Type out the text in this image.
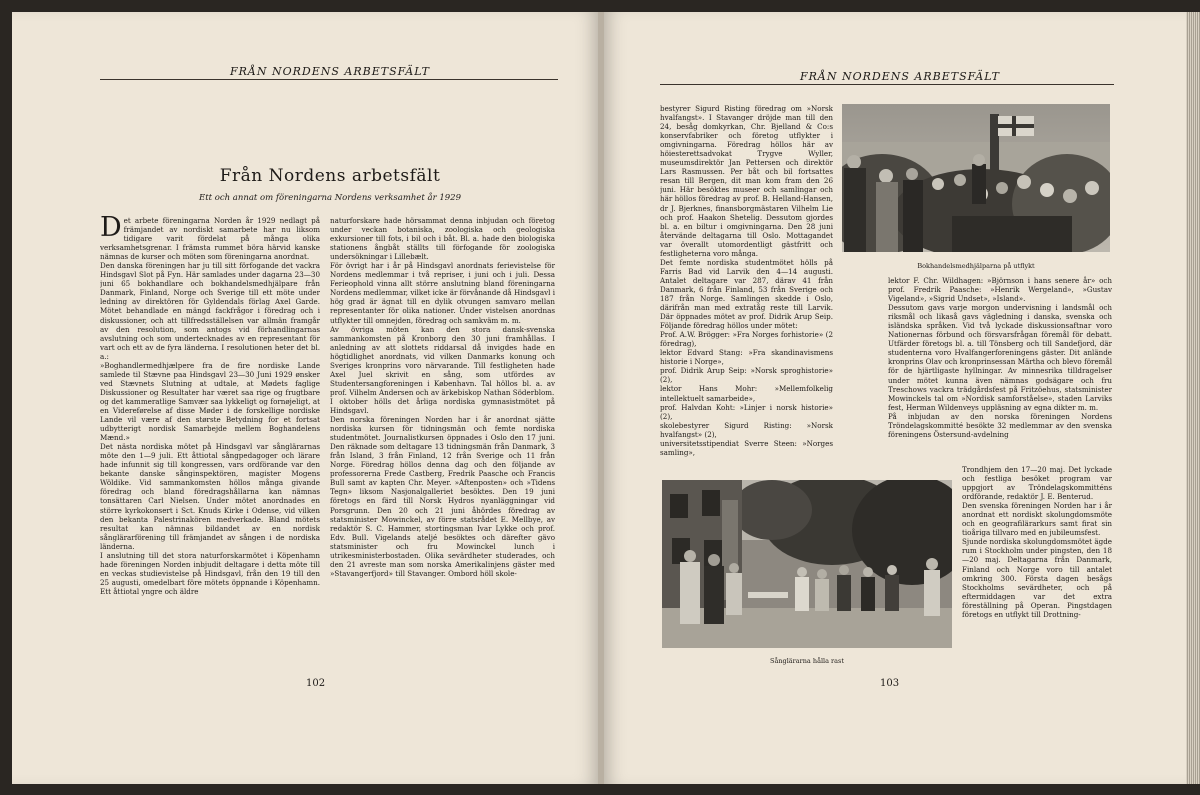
FRÅN NORDENS ARBETSFÄLT
Från Nordens arbetsfält
Ett och annat om föreningarna Nordens verksamhet år 1929
D et arbete föreningarna Norden år 1929 nedlagt på främjandet av nordiskt samarbete har nu liksom tidigare varit fördelat på många olika verksamhetsgrenar. I främsta rummet böra härvid kanske nämnas de kurser och möten som föreningarna anordnat.
Den danska föreningen har ju till sitt förfogande det vackra Hindsgavl Slot på Fyn. Här samlades under dagarna 23—30 juni 65 bokhandlare och bokhandelsmedhjälpare från Danmark, Finland, Norge och Sverige till ett möte under ledning av direktören för Gyldendals förlag Axel Garde. Mötet behandlade en mängd fackfrågor i föredrag och i diskussioner, och att tillfredsställelsen var allmän framgår av den resolution, som antogs vid förhandlingarnas avslutning och som undertecknades av en representant för vart och ett av de fyra länderna. I resolutionen heter det bl. a.:
»Boghandlermedhjælpere fra de fire nordiske Lande samlede til Stævne paa Hindsgavl 23—30 Juni 1929 ønsker ved Stævnets Slutning at udtale, at Mødets faglige Diskussioner og Resultater har været saa rige og frugtbare og det kammeratlige Samvær saa lykkeligt og fornøjeligt, at en Videreførelse af disse Møder i de forskellige nordiske Lande vil være af den største Betydning for et fortsat udbytterigt nordisk Samarbejde mellem Boghandelens Mænd.»
Det nästa nordiska mötet på Hindsgavl var sånglärarnas möte den 1—9 juli. Ett åttiotal sångpedagoger och lärare hade infunnit sig till kongressen, vars ordförande var den bekante danske sånginspektören, magister Mogens Wöldike. Vid sammankomsten höllos många givande föredrag och bland föredragshållarna kan nämnas tonsättaren Carl Nielsen. Under mötet anordnades en större kyrkokonsert i Sct. Knuds Kirke i Odense, vid vilken den bekanta Palestrinakören medverkade. Bland mötets resultat kan nämnas bildandet av en nordisk sånglärarförening till främjandet av sången i de nordiska länderna.
I anslutning till det stora naturforskarmötet i Köpenhamn hade föreningen Norden inbjudit deltagare i detta möte till en veckas studievistelse på Hindsgavl, från den 19 till den 25 augusti, omedelbart före mötets öppnande i Köpenhamn. Ett åttiotal yngre och äldre

naturforskare hade hörsammat denna inbjudan och företog under veckan botaniska, zoologiska och geologiska exkursioner till fots, i bil och i båt. Bl. a. hade den biologiska stationens ångbåt ställts till förfogande för zoologiska undersökningar i Lillebælt.
För övrigt har i år på Hindsgavl anordnats ferievistelse för Nordens medlemmar i två repriser, i juni och i juli. Dessa Ferieophold vinna allt större anslutning bland föreningarna Nordens medlemmar, vilket icke är förvånande då Hindsgavl i hög grad är ägnat till en dylik otvungen samvaro mellan representanter för olika nationer. Under vistelsen anordnas utflykter till omnejden, föredrag och samkväm m. m.
Av övriga möten kan den stora dansk-svenska sammankomsten på Kronborg den 30 juni framhållas. I anledning av att slottets riddarsal då invigdes hade en högtidlighet anordnats, vid vilken Danmarks konung och Sveriges kronprins voro närvarande. Till festligheten hade Axel Juel skrivit en sång, som utfördes av Studentersangforeningen i København. Tal höllos bl. a. av prof. Vilhelm Andersen och av ärkebiskop Nathan Söderblom.
I oktober hölls det årliga nordiska gymnasistmötet på Hindsgavl.
Den norska föreningen Norden har i år anordnat sjätte nordiska kursen för tidningsmän och femte nordiska studentmötet. Journalistkursen öppnades i Oslo den 17 juni. Den räknade som deltagare 13 tidningsmän från Danmark, 3 från Island, 3 från Finland, 12 från Sverige och 11 från Norge. Föredrag höllos denna dag och den följande av professorerna Frede Castberg, Fredrik Paasche och Francis Bull samt av kapten Chr. Meyer. »Aftenposten» och »Tidens Tegn» liksom Nasjonalgalleriet besöktes. Den 19 juni företogs en färd till Norsk Hydros nyanläggningar vid Porsgrunn. Den 20 och 21 juni åhördes föredrag av statsminister Mowinckel, av förre statsrådet E. Mellbye, av redaktör S. C. Hammer, stortingsman Ivar Lykke och prof. Edv. Bull. Vigelands ateljé besöktes och därefter gävo statsminister och fru Mowinckel lunch i utrikesministerbostaden. Olika sevärdheter studerades, och den 21 avreste man som norska Amerikalinjens gäster med »Stavangerfjord» till Stavanger. Ombord höll skole-

102
FRÅN NORDENS ARBETSFÄLT

bestyrer Sigurd Risting föredrag om »Norsk hvalfangst». I Stavanger dröjde man till den 24, besåg domkyrkan, Chr. Bjelland & Co:s konservfabriker och företog utflykter i omgivningarna. Föredrag höllos här av höiesterettsadvokat Trygve Wyller, museumsdirektör Jan Pettersen och direktör Lars Rasmussen. Per båt och bil fortsattes resan till Bergen, dit man kom fram den 26 juni. Här besöktes museer och samlingar och här höllos föredrag av prof. B. Helland-Hansen, dr J. Bjerknes, finansborgmästaren Vilhelm Lie och prof. Haakon Shetelig. Dessutom gjordes bl. a. en biltur i omgivningarna. Den 28 juni återvände deltagarna till Oslo. Mottagandet var överallt utomordentligt gästfritt och festligheterna voro många.
Det femte nordiska studentmötet hölls på Farris Bad vid Larvik den 4—14 augusti. Antalet deltagare var 287, därav 41 från Danmark, 6 från Finland, 53 från Sverige och 187 från Norge. Samlingen skedde i Oslo, därifrån man med extratåg reste till Larvik. Där öppnades mötet av prof. Didrik Arup Seip. Följande föredrag höllos under mötet:
Prof. A.W. Brögger: »Fra Norges forhistorie» (2 föredrag),
lektor Edvard Stang: »Fra skandinavismens historie i Norge»,
prof. Didrik Arup Seip: »Norsk sproghistorie» (2),
lektor Hans Mohr: »Mellemfolkelig intellektuelt samarbeide»,
prof. Halvdan Koht: »Linjer i norsk historie» (2),
skolebestyrer Sigurd Risting: »Norsk hvalfangst» (2),
universitetsstipendiat Sverre Steen: »Norges samling»,

Bokhandelsmedhjälparna på utflykt

lektor F. Chr. Wildhagen: »Björnson i hans senere år» och prof. Fredrik Paasche: »Henrik Wergeland», »Gustav Vigeland», »Sigrid Undset», »Island».
Dessutom gavs varje morgon undervisning i landsmål och riksmål och likaså gavs vägledning i danska, svenska och isländska språken. Vid två lyckade diskussionsaftnar voro Nationernas förbund och försvarsfrågan föremål för debatt. Utfärder företogs bl. a. till Tönsberg och till Sandefjord, där studenterna voro Hvalfangerforeningens gäster. Dit anlände kronprins Olav och kronprinsessan Märtha och blevo föremål för de hjärtligaste hyllningar. Av minnesrika tilldragelser under mötet kunna även nämnas godsägare och fru Treschows vackra trädgårdsfest på Fritzöehus, statsminister Mowinckels tal om »Nordisk samforståelse», staden Larviks fest, Herman Wildenveys uppläsning av egna dikter m. m.
På inbjudan av den norska föreningen Nordens Tröndelagskommitté besökte 32 medlemmar av den svenska föreningens Östersund-avdelning

Sånglärarna hålla rast

Trondhjem den 17—20 maj. Det lyckade och festliga besöket program var uppgjort av Tröndelagskommitténs ordförande, redaktör J. E. Benterud.
Den svenska föreningen Norden har i år anordnat ett nordiskt skolungdomsmöte och en geografilärarkurs samt firat sin tioåriga tillvaro med en jubileumsfest.
Sjunde nordiska skolungdomsmötet ägde rum i Stockholm under pingsten, den 18—20 maj. Deltagarna från Danmark, Finland och Norge voro till antalet omkring 300. Första dagen besågs Stockholms sevärdheter, och på eftermiddagen var det extra föreställning på Operan. Pingstdagen företogs en utflykt till Drottning-

103
